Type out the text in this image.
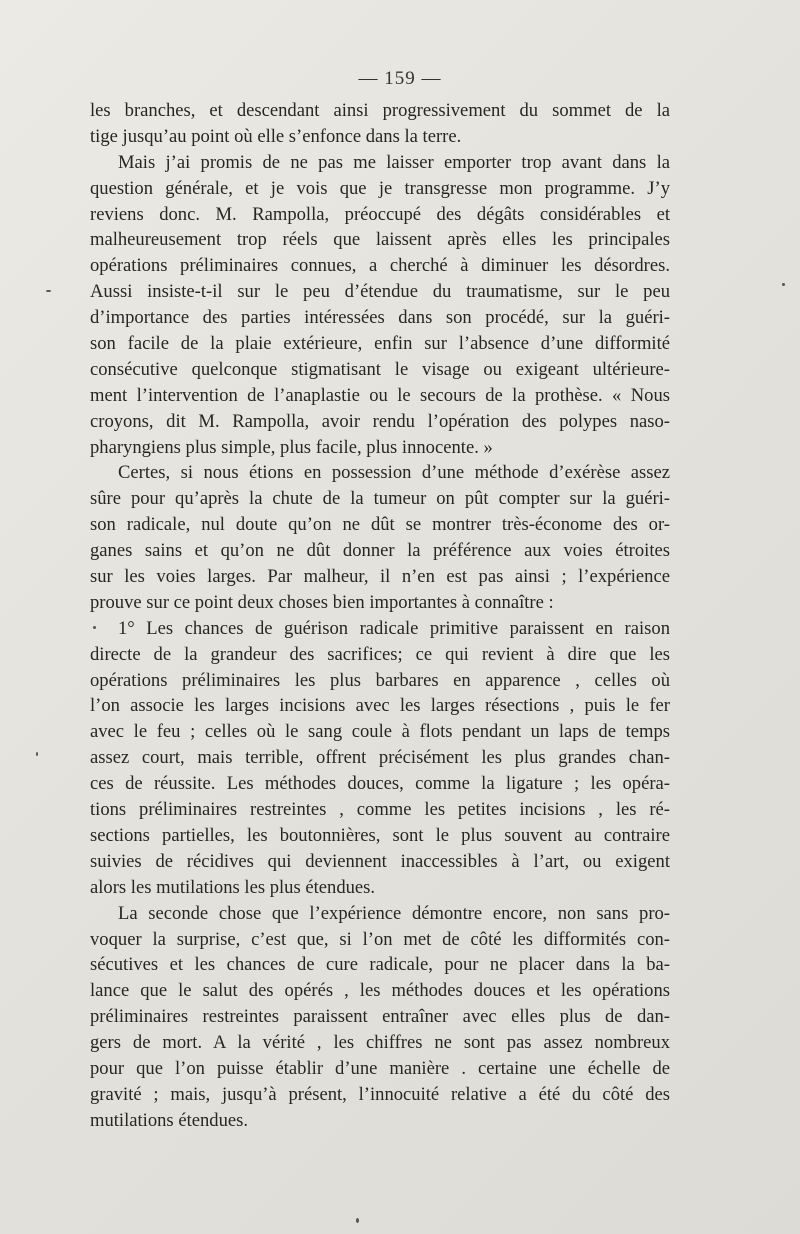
— 159 —
les branches, et descendant ainsi progressivement du sommet de la
tige jusqu’au point où elle s’enfonce dans la terre.
Mais j’ai promis de ne pas me laisser emporter trop avant dans la
question générale, et je vois que je transgresse mon programme. J’y
reviens donc. M. Rampolla, préoccupé des dégâts considérables et
malheureusement trop réels que laissent après elles les principales
opérations préliminaires connues, a cherché à diminuer les désordres.
Aussi insiste-t-il sur le peu d’étendue du traumatisme, sur le peu
d’importance des parties intéressées dans son procédé, sur la guéri-
son facile de la plaie extérieure, enfin sur l’absence d’une difformité
consécutive quelconque stigmatisant le visage ou exigeant ultérieure-
ment l’intervention de l’anaplastie ou le secours de la prothèse. « Nous
croyons, dit M. Rampolla, avoir rendu l’opération des polypes naso-
pharyngiens plus simple, plus facile, plus innocente. »
Certes, si nous étions en possession d’une méthode d’exérèse assez
sûre pour qu’après la chute de la tumeur on pût compter sur la guéri-
son radicale, nul doute qu’on ne dût se montrer très-économe des or-
ganes sains et qu’on ne dût donner la préférence aux voies étroites
sur les voies larges. Par malheur, il n’en est pas ainsi ; l’expérience
prouve sur ce point deux choses bien importantes à connaître :
1° Les chances de guérison radicale primitive paraissent en raison
directe de la grandeur des sacrifices; ce qui revient à dire que les
opérations préliminaires les plus barbares en apparence , celles où
l’on associe les larges incisions avec les larges résections , puis le fer
avec le feu ; celles où le sang coule à flots pendant un laps de temps
assez court, mais terrible, offrent précisément les plus grandes chan-
ces de réussite. Les méthodes douces, comme la ligature ; les opéra-
tions préliminaires restreintes , comme les petites incisions , les ré-
sections partielles, les boutonnières, sont le plus souvent au contraire
suivies de récidives qui deviennent inaccessibles à l’art, ou exigent
alors les mutilations les plus étendues.
La seconde chose que l’expérience démontre encore, non sans pro-
voquer la surprise, c’est que, si l’on met de côté les difformités con-
sécutives et les chances de cure radicale, pour ne placer dans la ba-
lance que le salut des opérés , les méthodes douces et les opérations
préliminaires restreintes paraissent entraîner avec elles plus de dan-
gers de mort. A la vérité , les chiffres ne sont pas assez nombreux
pour que l’on puisse établir d’une manière . certaine une échelle de
gravité ; mais, jusqu’à présent, l’innocuité relative a été du côté des
mutilations étendues.
